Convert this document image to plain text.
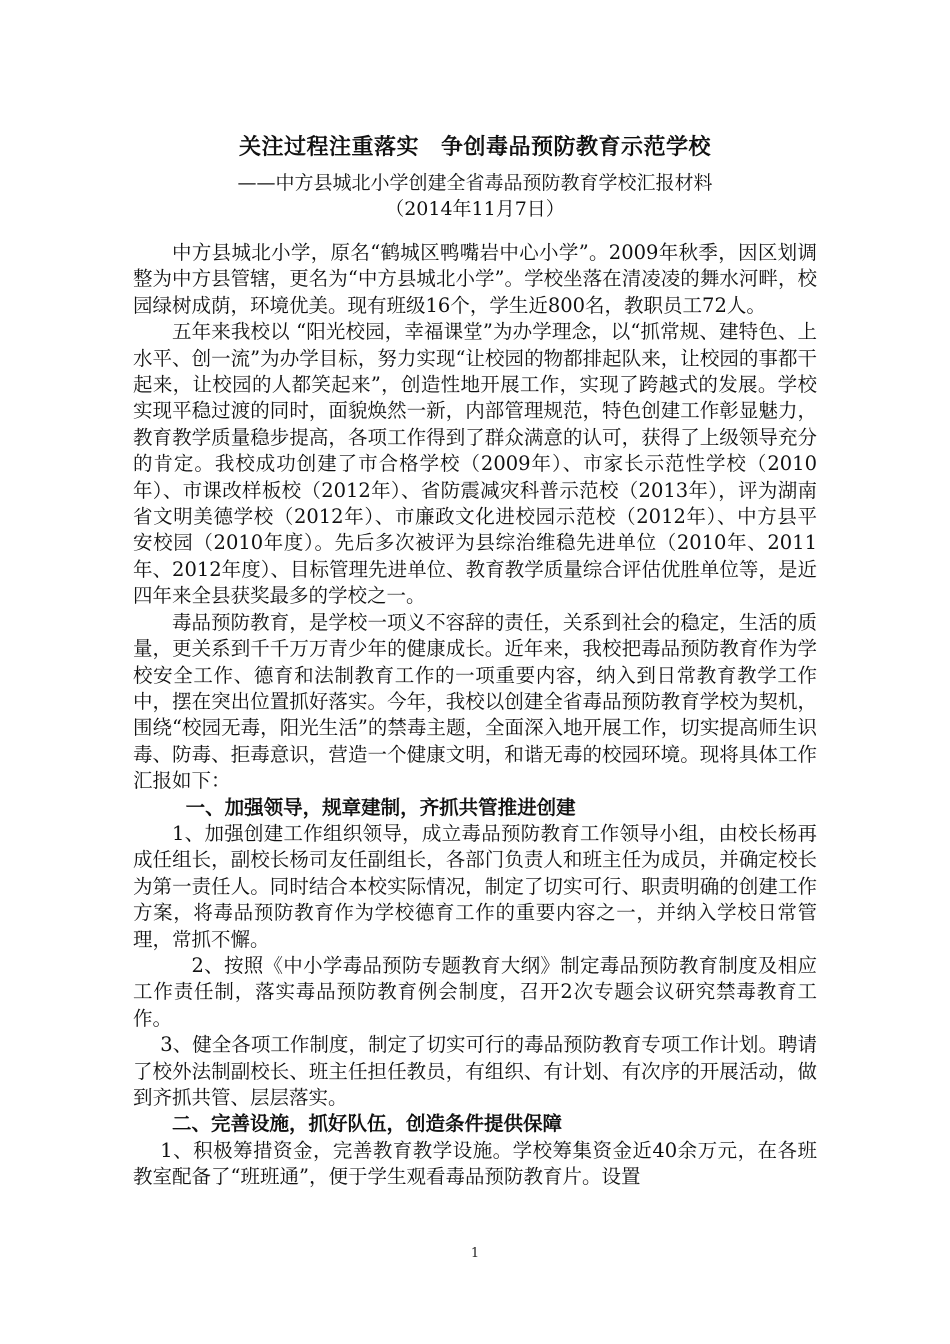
关注过程注重落实 争创毒品预防教育示范学校
——中方县城北小学创建全省毒品预防教育学校汇报材料
（2014年11月7日）

中方县城北小学，原名“鹤城区鸭嘴岩中心小学”。2009年秋季，因区划调整为中方县管辖，更名为“中方县城北小学”。学校坐落在清凌凌的舞水河畔，校园绿树成荫，环境优美。现有班级16个，学生近800名，教职员工72人。

五年来我校以 “阳光校园，幸福课堂”为办学理念，以“抓常规、建特色、上水平、创一流”为办学目标，努力实现“让校园的物都排起队来，让校园的事都干起来，让校园的人都笑起来”，创造性地开展工作，实现了跨越式的发展。学校实现平稳过渡的同时，面貌焕然一新，内部管理规范，特色创建工作彰显魅力，教育教学质量稳步提高，各项工作得到了群众满意的认可，获得了上级领导充分的肯定。我校成功创建了市合格学校（2009年）、市家长示范性学校（2010年）、市课改样板校（2012年）、省防震减灾科普示范校（2013年），评为湖南省文明美德学校（2012年）、市廉政文化进校园示范校（2012年）、中方县平安校园（2010年度）。先后多次被评为县综治维稳先进单位（2010年、2011年、2012年度）、目标管理先进单位、教育教学质量综合评估优胜单位等，是近四年来全县获奖最多的学校之一。

毒品预防教育，是学校一项义不容辞的责任，关系到社会的稳定，生活的质量，更关系到千千万万青少年的健康成长。近年来，我校把毒品预防教育作为学校安全工作、德育和法制教育工作的一项重要内容，纳入到日常教育教学工作中，摆在突出位置抓好落实。今年，我校以创建全省毒品预防教育学校为契机，围绕“校园无毒，阳光生活”的禁毒主题，全面深入地开展工作，切实提高师生识毒、防毒、拒毒意识，营造一个健康文明，和谐无毒的校园环境。现将具体工作汇报如下：

一、加强领导，规章建制，齐抓共管推进创建

1、加强创建工作组织领导，成立毒品预防教育工作领导小组，由校长杨再成任组长，副校长杨司友任副组长，各部门负责人和班主任为成员，并确定校长为第一责任人。同时结合本校实际情况，制定了切实可行、职责明确的创建工作方案，将毒品预防教育作为学校德育工作的重要内容之一，并纳入学校日常管理，常抓不懈。

2、按照《中小学毒品预防专题教育大纲》制定毒品预防教育制度及相应工作责任制，落实毒品预防教育例会制度，召开2次专题会议研究禁毒教育工作。

3、健全各项工作制度，制定了切实可行的毒品预防教育专项工作计划。聘请了校外法制副校长、班主任担任教员，有组织、有计划、有次序的开展活动，做到齐抓共管、层层落实。

二、完善设施，抓好队伍，创造条件提供保障

1、积极筹措资金，完善教育教学设施。学校筹集资金近40余万元，在各班教室配备了“班班通”，便于学生观看毒品预防教育片。设置

1
